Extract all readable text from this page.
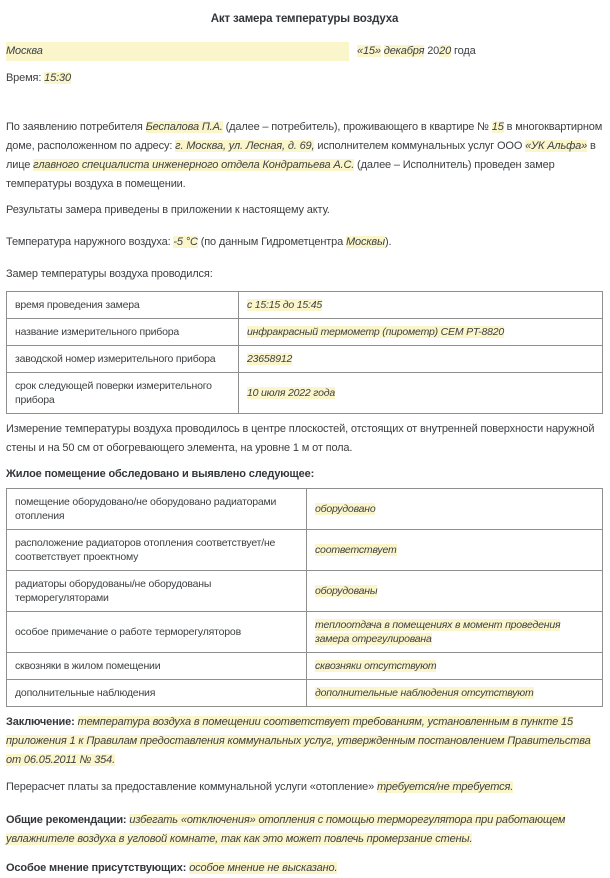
Акт замера температуры воздуха
Москва	«15» декабря 2020 года
Время: 15:30

По заявлению потребителя Беспалова П.А. (далее – потребитель), проживающего в квартире № 15 в многоквартирном доме, расположенном по адресу: г. Москва, ул. Лесная, д. 69, исполнителем коммунальных услуг ООО «УК Альфа» в лице главного специалиста инженерного отдела Кондратьева А.С. (далее – Исполнитель) проведен замер температуры воздуха в помещении.

Результаты замера приведены в приложении к настоящему акту.

Температура наружного воздуха: -5 °С (по данным Гидрометцентра Москвы).

Замер температуры воздуха проводился:

время проведения замера	с 15:15 до 15:45
название измерительного прибора	инфракрасный термометр (пирометр) CEM PT-8820
заводской номер измерительного прибора	23658912
срок следующей поверки измерительного прибора	10 июля 2022 года

Измерение температуры воздуха проводилось в центре плоскостей, отстоящих от внутренней поверхности наружной стены и на 50 см от обогревающего элемента, на уровне 1 м от пола.

Жилое помещение обследовано и выявлено следующее:

помещение оборудовано/не оборудовано радиаторами отопления	оборудовано
расположение радиаторов отопления соответствует/не соответствует проектному	соответствует
радиаторы оборудованы/не оборудованы терморегуляторами	оборудованы
особое примечание о работе терморегуляторов	теплоотдача в помещениях в момент проведения замера отрегулирована
сквозняки в жилом помещении	сквозняки отсутствуют
дополнительные наблюдения	дополнительные наблюдения отсутствуют

Заключение: температура воздуха в помещении соответствует требованиям, установленным в пункте 15 приложения 1 к Правилам предоставления коммунальных услуг, утвержденным постановлением Правительства от 06.05.2011 № 354.

Перерасчет платы за предоставление коммунальной услуги «отопление» требуется/не требуется.

Общие рекомендации: избегать «отключения» отопления с помощью терморегулятора при работающем увлажнителе воздуха в угловой комнате, так как это может повлечь промерзание стены.

Особое мнение присутствующих: особое мнение не высказано.
